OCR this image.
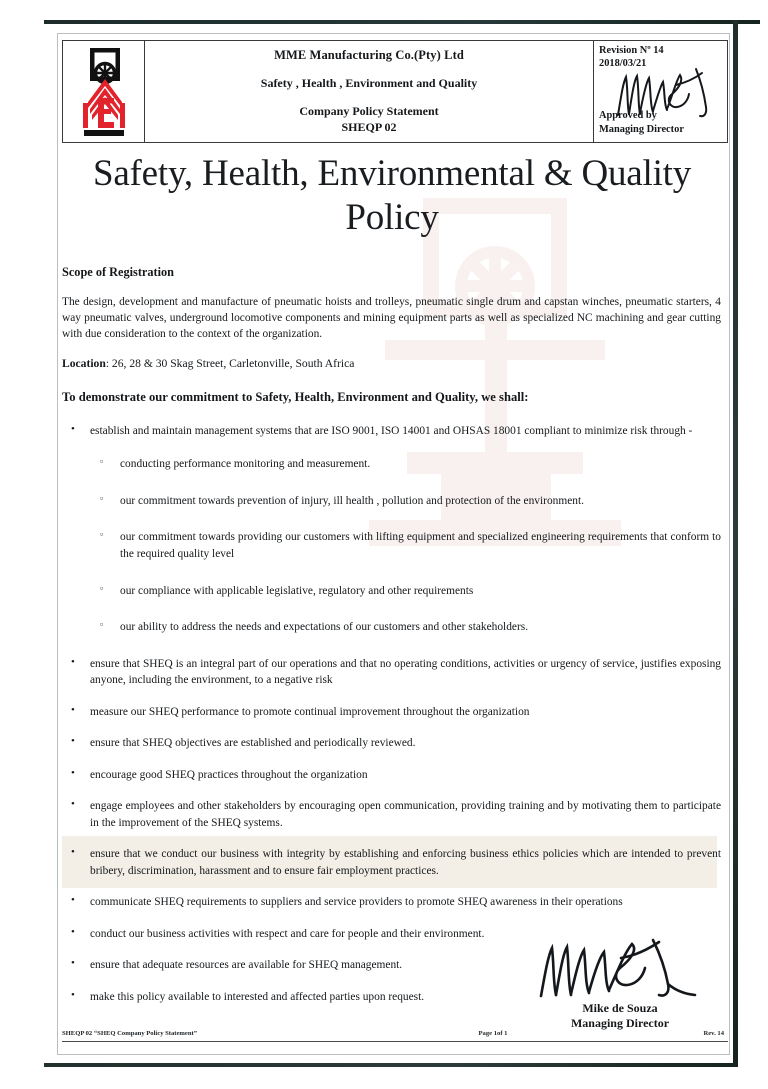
MME Manufacturing Co.(Pty) Ltd
Safety , Health , Environment and Quality
Company Policy Statement
SHEQP 02
Revision Nº 14
2018/03/21
Approved by
Managing Director
Safety, Health, Environmental & Quality Policy
Scope of Registration
The design, development and manufacture of pneumatic hoists and trolleys, pneumatic single drum and capstan winches, pneumatic starters, 4 way pneumatic valves, underground locomotive components and mining equipment parts as well as specialized NC machining and gear cutting with due consideration to the context of the organization.
Location: 26, 28 & 30 Skag Street, Carletonville, South Africa
To demonstrate our commitment to Safety, Health, Environment and Quality, we shall:
• establish and maintain management systems that are ISO 9001, ISO 14001 and OHSAS 18001 compliant to minimize risk through -
▫ conducting performance monitoring and measurement.
▫ our commitment towards prevention of injury, ill health , pollution and protection of the environment.
▫ our commitment towards providing our customers with lifting equipment and specialized engineering requirements that conform to the required quality level
▫ our compliance with applicable legislative, regulatory and other requirements
▫ our ability to address the needs and expectations of our customers and other stakeholders.
• ensure that SHEQ is an integral part of our operations and that no operating conditions, activities or urgency of service, justifies exposing anyone, including the environment, to a negative risk
• measure our SHEQ performance to promote continual improvement throughout the organization
• ensure that SHEQ objectives are established and periodically reviewed.
• encourage good SHEQ practices throughout the organization
• engage employees and other stakeholders by encouraging open communication, providing training and by motivating them to participate in the improvement of the SHEQ systems.
• ensure that we conduct our business with integrity by establishing and enforcing business ethics policies which are intended to prevent bribery, discrimination, harassment and to ensure fair employment practices.
• communicate SHEQ requirements to suppliers and service providers to promote SHEQ awareness in their operations
• conduct our business activities with respect and care for people and their environment.
• ensure that adequate resources are available for SHEQ management.
• make this policy available to interested and affected parties upon request.
Mike de Souza
Managing Director
SHEQP 02 “SHEQ Company Policy Statement”	Page 1of 1	Rev. 14
